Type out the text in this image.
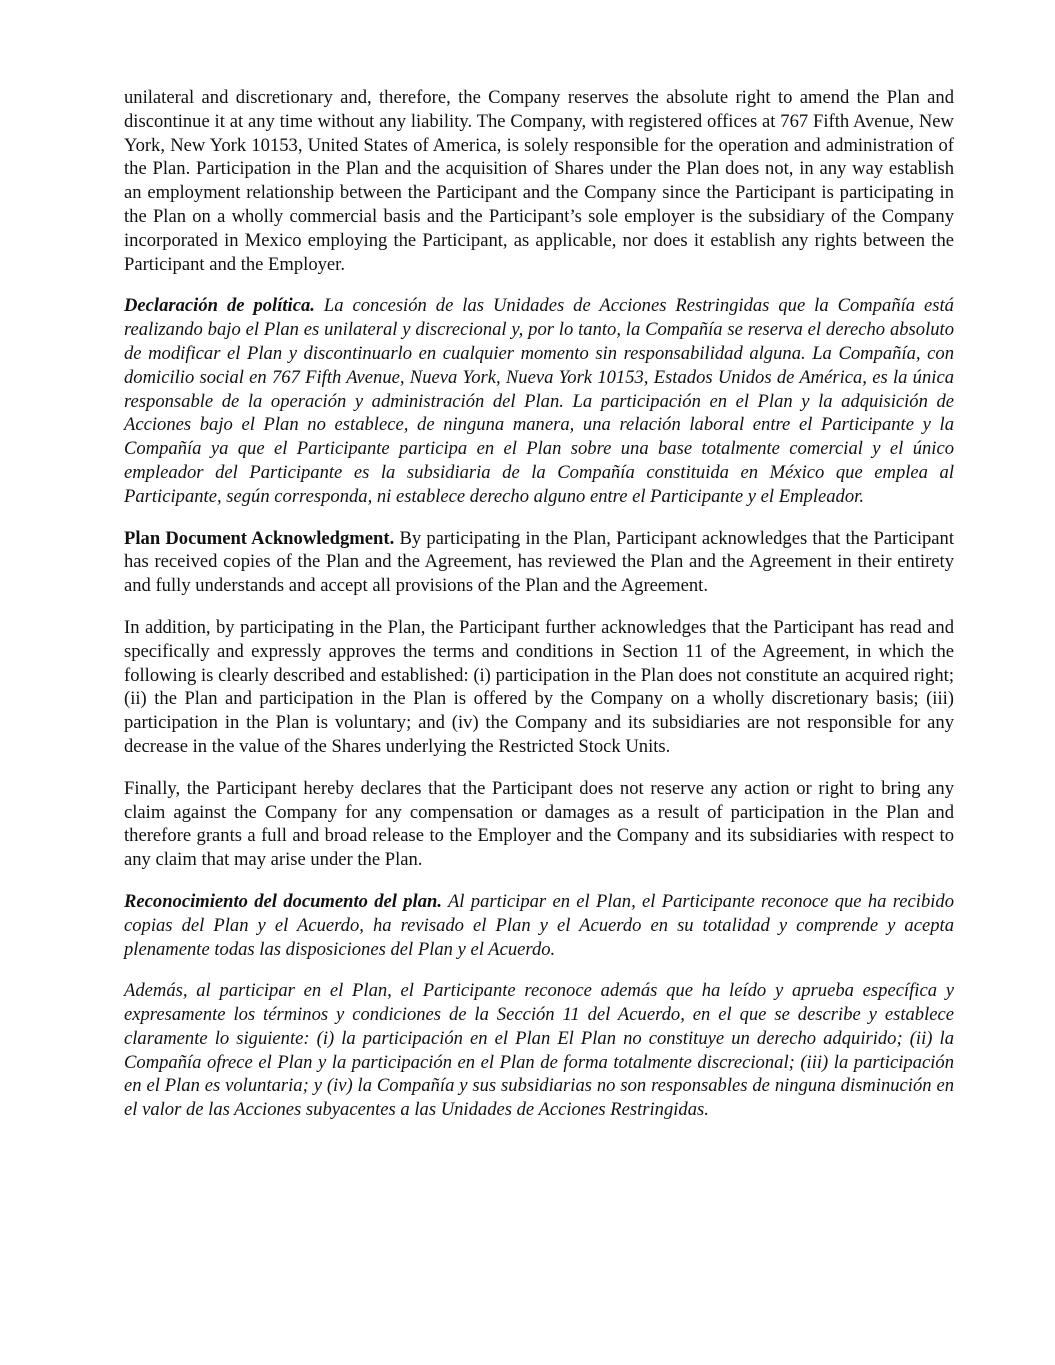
unilateral and discretionary and, therefore, the Company reserves the absolute right to amend the Plan and discontinue it at any time without any liability. The Company, with registered offices at 767 Fifth Avenue, New York, New York 10153, United States of America, is solely responsible for the operation and administration of the Plan. Participation in the Plan and the acquisition of Shares under the Plan does not, in any way establish an employment relationship between the Participant and the Company since the Participant is participating in the Plan on a wholly commercial basis and the Participant’s sole employer is the subsidiary of the Company incorporated in Mexico employing the Participant, as applicable, nor does it establish any rights between the Participant and the Employer.

Declaración de política. La concesión de las Unidades de Acciones Restringidas que la Compañía está realizando bajo el Plan es unilateral y discrecional y, por lo tanto, la Compañía se reserva el derecho absoluto de modificar el Plan y discontinuarlo en cualquier momento sin responsabilidad alguna. La Compañía, con domicilio social en 767 Fifth Avenue, Nueva York, Nueva York 10153, Estados Unidos de América, es la única responsable de la operación y administración del Plan. La participación en el Plan y la adquisición de Acciones bajo el Plan no establece, de ninguna manera, una relación laboral entre el Participante y la Compañía ya que el Participante participa en el Plan sobre una base totalmente comercial y el único empleador del Participante es la subsidiaria de la Compañía constituida en México que emplea al Participante, según corresponda, ni establece derecho alguno entre el Participante y el Empleador.

Plan Document Acknowledgment. By participating in the Plan, Participant acknowledges that the Participant has received copies of the Plan and the Agreement, has reviewed the Plan and the Agreement in their entirety and fully understands and accept all provisions of the Plan and the Agreement.

In addition, by participating in the Plan, the Participant further acknowledges that the Participant has read and specifically and expressly approves the terms and conditions in Section 11 of the Agreement, in which the following is clearly described and established: (i) participation in the Plan does not constitute an acquired right; (ii) the Plan and participation in the Plan is offered by the Company on a wholly discretionary basis; (iii) participation in the Plan is voluntary; and (iv) the Company and its subsidiaries are not responsible for any decrease in the value of the Shares underlying the Restricted Stock Units.

Finally, the Participant hereby declares that the Participant does not reserve any action or right to bring any claim against the Company for any compensation or damages as a result of participation in the Plan and therefore grants a full and broad release to the Employer and the Company and its subsidiaries with respect to any claim that may arise under the Plan.

Reconocimiento del documento del plan. Al participar en el Plan, el Participante reconoce que ha recibido copias del Plan y el Acuerdo, ha revisado el Plan y el Acuerdo en su totalidad y comprende y acepta plenamente todas las disposiciones del Plan y el Acuerdo.

Además, al participar en el Plan, el Participante reconoce además que ha leído y aprueba específica y expresamente los términos y condiciones de la Sección 11 del Acuerdo, en el que se describe y establece claramente lo siguiente: (i) la participación en el Plan El Plan no constituye un derecho adquirido; (ii) la Compañía ofrece el Plan y la participación en el Plan de forma totalmente discrecional; (iii) la participación en el Plan es voluntaria; y (iv) la Compañía y sus subsidiarias no son responsables de ninguna disminución en el valor de las Acciones subyacentes a las Unidades de Acciones Restringidas.
